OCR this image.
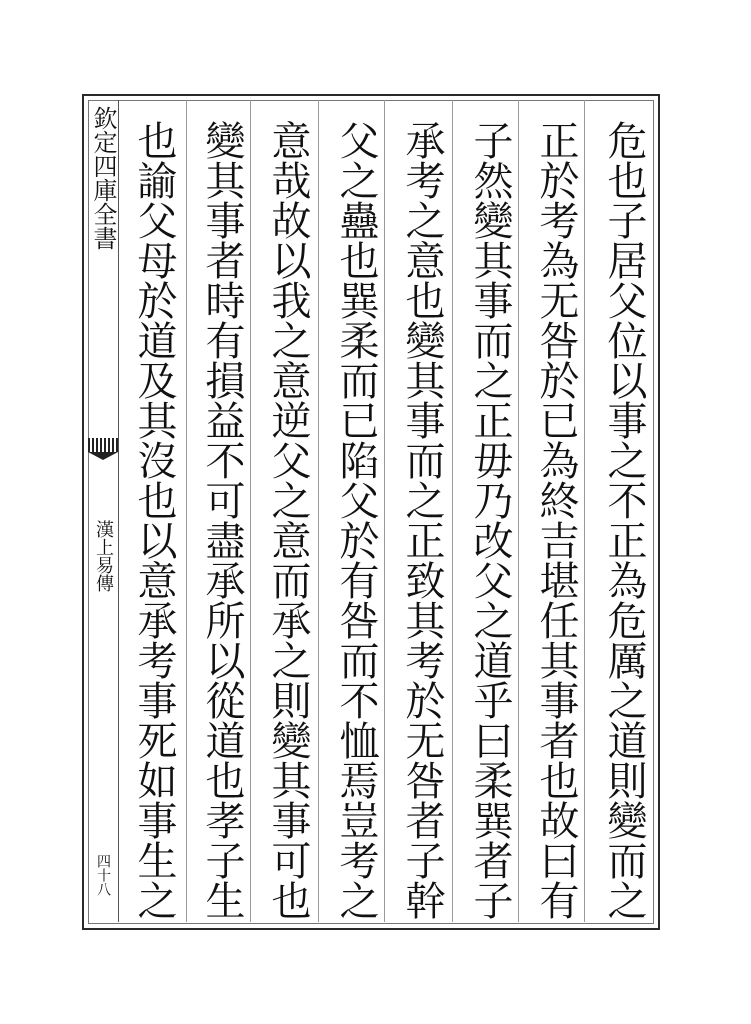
欽定四庫全書
漢上易傳
四十八	危也子居父位以事之不正為危厲之道則變而之
正於考為无咎於已為終吉堪任其事者也故曰有
子然變其事而之正毋乃改父之道乎曰柔巽者子
承考之意也變其事而之正致其考於无咎者子幹
父之蠱也巽柔而已陷父於有咎而不恤焉豈考之
意哉故以我之意逆父之意而承之則變其事可也
變其事者時有損益不可盡承所以從道也孝子生
也諭父母於道及其沒也以意承考事死如事生之
